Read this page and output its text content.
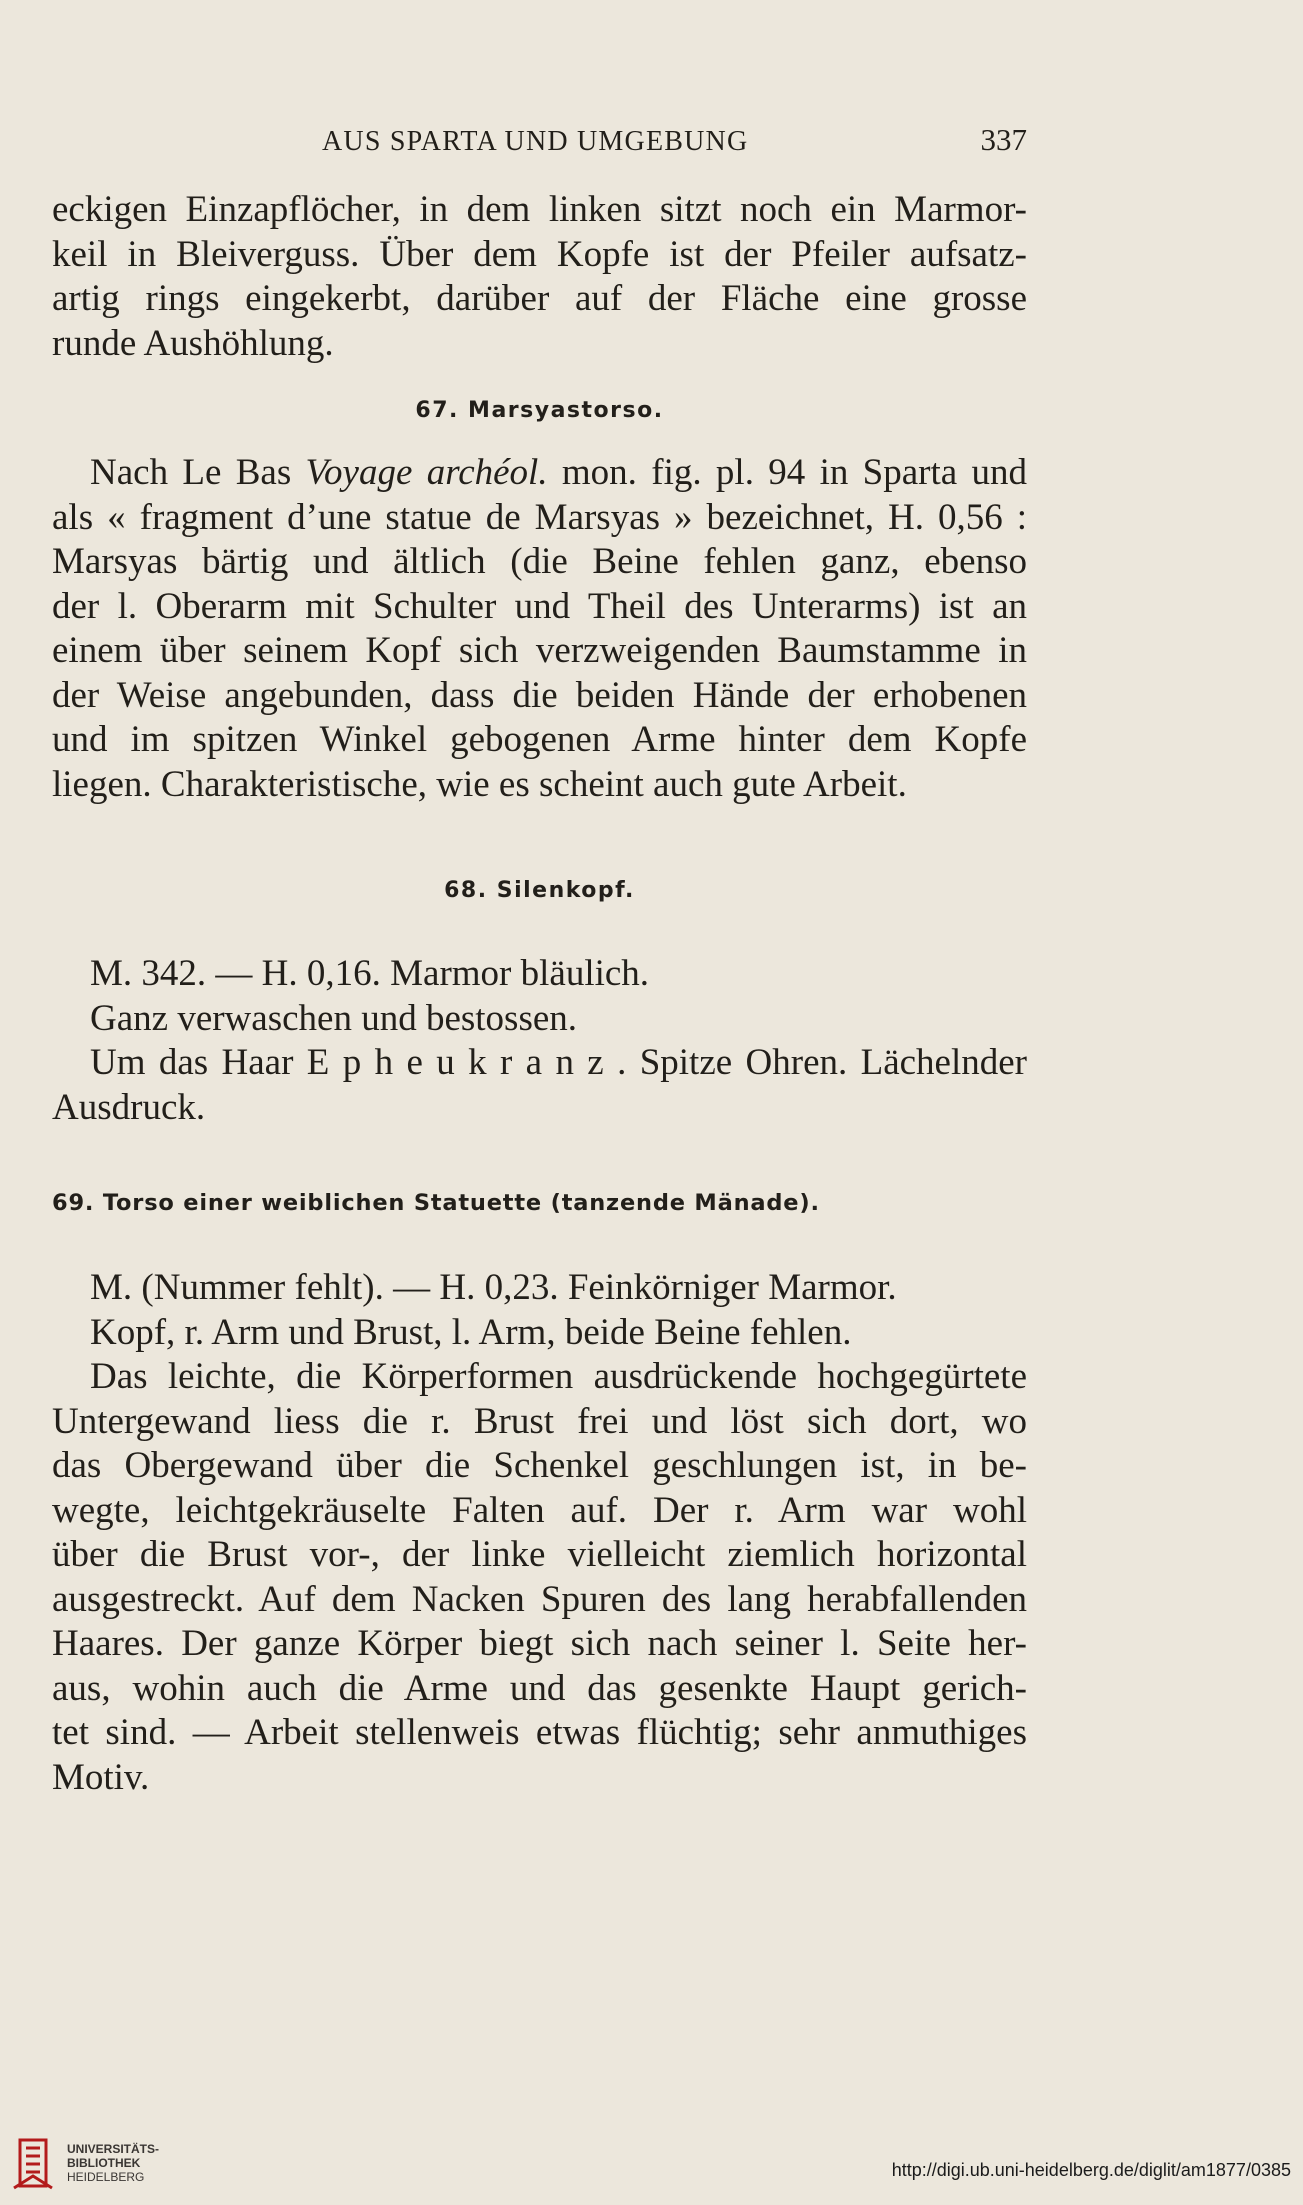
AUS SPARTA UND UMGEBUNG	337
eckigen Einzapflöcher, in dem linken sitzt noch ein Marmor-
keil in Bleiverguss. Über dem Kopfe ist der Pfeiler aufsatz-
artig rings eingekerbt, darüber auf der Fläche eine grosse
runde Aushöhlung.
67. Marsyastorso.
Nach Le Bas Voyage archéol. mon. fig. pl. 94 in Sparta und
als « fragment d’une statue de Marsyas » bezeichnet, H. 0,56 :
Marsyas bärtig und ältlich (die Beine fehlen ganz, ebenso
der l. Oberarm mit Schulter und Theil des Unterarms) ist an
einem über seinem Kopf sich verzweigenden Baumstamme in
der Weise angebunden, dass die beiden Hände der erhobenen
und im spitzen Winkel gebogenen Arme hinter dem Kopfe
liegen. Charakteristische, wie es scheint auch gute Arbeit.
68. Silenkopf.
M. 342. — H. 0,16. Marmor bläulich.
Ganz verwaschen und bestossen.
Um das Haar E p h e u k r a n z . Spitze Ohren. Lächelnder
Ausdruck.
69. Torso einer weiblichen Statuette (tanzende Mänade).
M. (Nummer fehlt). — H. 0,23. Feinkörniger Marmor.
Kopf, r. Arm und Brust, l. Arm, beide Beine fehlen.
Das leichte, die Körperformen ausdrückende hochgegürtete
Untergewand liess die r. Brust frei und löst sich dort, wo
das Obergewand über die Schenkel geschlungen ist, in be-
wegte, leichtgekräuselte Falten auf. Der r. Arm war wohl
über die Brust vor-, der linke vielleicht ziemlich horizontal
ausgestreckt. Auf dem Nacken Spuren des lang herabfallenden
Haares. Der ganze Körper biegt sich nach seiner l. Seite her-
aus, wohin auch die Arme und das gesenkte Haupt gerich-
tet sind. — Arbeit stellenweis etwas flüchtig; sehr anmuthiges
Motiv.
UNIVERSITÄTS-
BIBLIOTHEK
HEIDELBERG	http://digi.ub.uni-heidelberg.de/diglit/am1877/0385
